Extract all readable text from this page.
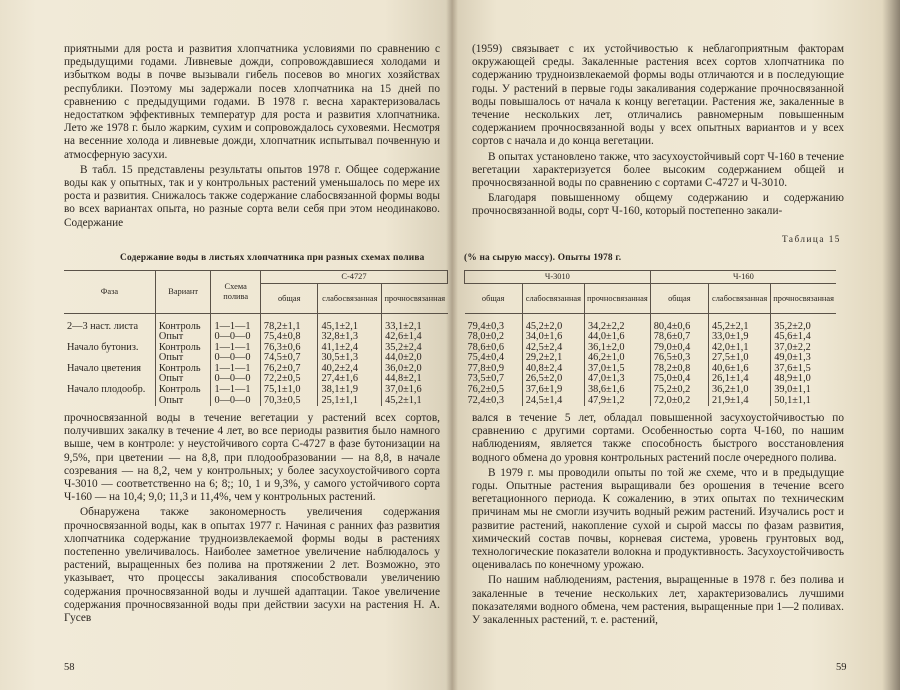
приятными для роста и развития хлопчатника условиями по сравнению с предыдущими годами. Ливневые дожди, сопровождавшиеся холодами и избытком воды в почве вызывали гибель посевов во многих хозяйствах республики. Поэтому мы задержали посев хлопчатника на 15 дней по сравнению с предыдущими годами. В 1978 г. весна характеризовалась недостатком эффективных температур для роста и развития хлопчатника. Лето же 1978 г. было жарким, сухим и сопровождалось суховеями. Несмотря на весенние холода и ливневые дожди, хлопчатник испытывал почвенную и атмосферную засухи.

В табл. 15 представлены результаты опытов 1978 г. Общее содержание воды как у опытных, так и у контрольных растений уменьшалось по мере их роста и развития. Снижалось также содержание слабосвязанной формы воды во всех вариантах опыта, но разные сорта вели себя при этом неодинаково. Содержание

Содержание воды в листьях хлопчатника при разных схемах полива
Фаза	Вариант	Схема полива	С-4727		
			общая	слабосвязанная	прочносвязанная

2—3 наст. листа	Контроль	1—1—1	78,2±1,1	45,1±2,1	33,1±2,1
	Опыт	0—0—0	75,4±0,8	32,8±1,3	42,6±1,4
Начало бутониз.	Контроль	1—1—1	76,3±0,6	41,1±2,4	35,2±2,4
	Опыт	0—0—0	74,5±0,7	30,5±1,3	44,0±2,0
Начало цветения	Контроль	1—1—1	76,2±0,7	40,2±2,4	36,0±2,0
	Опыт	0—0—0	72,2±0,5	27,4±1,6	44,8±2,1
Начало плодообр.	Контроль	1—1—1	75,1±1,0	38,1±1,9	37,0±1,6
	Опыт	0—0—0	70,3±0,5	25,1±1,1	45,2±1,1

прочносвязанной воды в течение вегетации у растений всех сортов, получивших закалку в течение 4 лет, во все периоды развития было намного выше, чем в контроле: у неустойчивого сорта С-4727 в фазе бутонизации на 9,5%, при цветении — на 8,8, при плодообразовании — на 8,8, в начале созревания — на 8,2, чем у контрольных; у более засухоустойчивого сорта Ч-3010 — соответственно на 6; 8;; 10, 1 и 9,3%, у самого устойчивого сорта Ч-160 — на 10,4; 9,0; 11,3 и 11,4%, чем у контрольных растений.

Обнаружена также закономерность увеличения содержания прочносвязанной воды, как в опытах 1977 г. Начиная с ранних фаз развития хлопчатника содержание трудноизвлекаемой формы воды в растениях постепенно увеличивалось. Наиболее заметное увеличение наблюдалось у растений, выращенных без полива на протяжении 2 лет. Возможно, это указывает, что процессы закаливания способствовали увеличению содержания прочносвязанной воды и лучшей адаптации. Такое увеличение содержания прочносвязанной воды при действии засухи на растения Н. А. Гусев

58

(1959) связывает с их устойчивостью к неблагоприятным факторам окружающей среды. Закаленные растения всех сортов хлопчатника по содержанию трудноизвлекаемой формы воды отличаются и в последующие годы. У растений в первые годы закаливания содержание прочносвязанной воды повышалось от начала к концу вегетации. Растения же, закаленные в течение нескольких лет, отличались равномерным повышенным содержанием прочносвязанной воды у всех опытных вариантов и у всех сортов с начала и до конца вегетации.

В опытах установлено также, что засухоустойчивый сорт Ч-160 в течение вегетации характеризуется более высоким содержанием общей и прочносвязанной воды по сравнению с сортами С-4727 и Ч-3010.

Благодаря повышенному общему содержанию и содержанию прочносвязанной воды, сорт Ч-160, который постепенно закали-

Таблица 15
(% на сырую массу). Опыты 1978 г.
Ч-3010			Ч-160		
общая	слабосвязанная	прочносвязанная	общая	слабосвязанная	прочносвязанная

79,4±0,3	45,2±2,0	34,2±2,2	80,4±0,6	45,2±2,1	35,2±2,0
78,0±0,2	34,0±1,6	44,0±1,6	78,6±0,7	33,0±1,9	45,6±1,4
78,6±0,6	42,5±2,4	36,1±2,0	79,0±0,4	42,0±1,1	37,0±2,2
75,4±0,4	29,2±2,1	46,2±1,0	76,5±0,3	27,5±1,0	49,0±1,3
77,8±0,9	40,8±2,4	37,0±1,5	78,2±0,8	40,6±1,6	37,6±1,5
73,5±0,7	26,5±2,0	47,0±1,3	75,0±0,4	26,1±1,4	48,9±1,0
76,2±0,5	37,6±1,9	38,6±1,6	75,2±0,2	36,2±1,0	39,0±1,1
72,4±0,3	24,5±1,4	47,9±1,2	72,0±0,2	21,9±1,4	50,1±1,1

вался в течение 5 лет, обладал повышенной засухоустойчивостью по сравнению с другими сортами. Особенностью сорта Ч-160, по нашим наблюдениям, является также способность быстрого восстановления водного обмена до уровня контрольных растений после очередного полива.

В 1979 г. мы проводили опыты по той же схеме, что и в предыдущие годы. Опытные растения выращивали без орошения в течение всего вегетационного периода. К сожалению, в этих опытах по техническим причинам мы не смогли изучить водный режим растений. Изучались рост и развитие растений, накопление сухой и сырой массы по фазам развития, химический состав почвы, корневая система, уровень грунтовых вод, технологические показатели волокна и продуктивность. Засухоустойчивость оценивалась по конечному урожаю.

По нашим наблюдениям, растения, выращенные в 1978 г. без полива и закаленные в течение нескольких лет, характеризовались лучшими показателями водного обмена, чем растения, выращенные при 1—2 поливах. У закаленных растений, т. е. растений,

59
